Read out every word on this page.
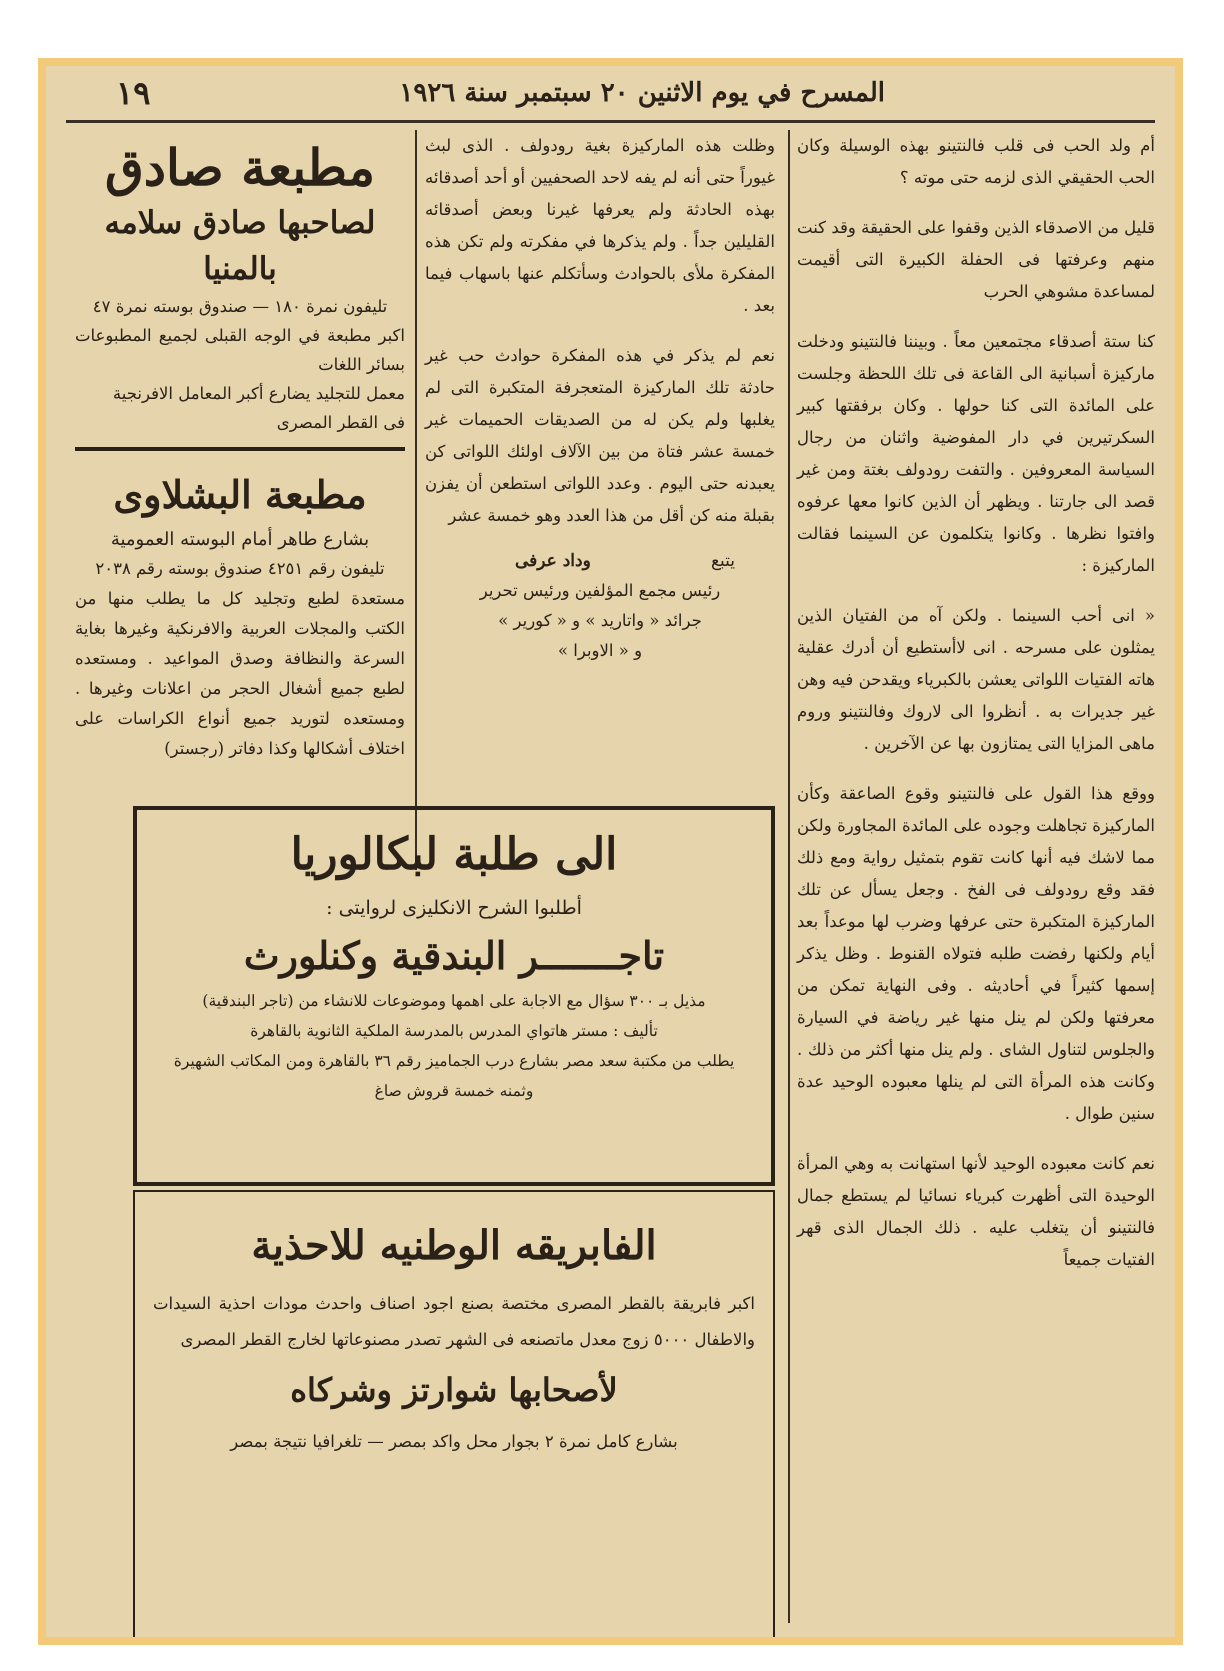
المسرح في يوم الاثنين ٢٠ سبتمبر سنة ١٩٢٦
١٩

أم ولد الحب فى قلب فالنتينو بهذه الوسيلة وكان الحب الحقيقي الذى لزمه حتى موته ؟

قليل من الاصدقاء الذين وقفوا على الحقيقة وقد كنت منهم وعرفتها فى الحفلة الكبيرة التى أقيمت لمساعدة مشوهي الحرب

كنا ستة أصدقاء مجتمعين معاً . وبيننا فالنتينو ودخلت ماركيزة أسبانية الى القاعة فى تلك اللحظة وجلست على المائدة التى كنا حولها . وكان برفقتها كبير السكرتيرين في دار المفوضية واثنان من رجال السياسة المعروفين . والتفت رودولف بغتة ومن غير قصد الى جارتنا . ويظهر أن الذين كانوا معها عرفوه وافتوا نظرها . وكانوا يتكلمون عن السينما فقالت الماركيزة :

« انى أحب السينما . ولكن آه من الفتيان الذين يمثلون على مسرحه . انى لاأستطيع أن أدرك عقلية هاته الفتيات اللواتى يعشن بالكبرياء ويقدحن فيه وهن غير جديرات به . أنظروا الى لاروك وفالنتينو وروم ماهى المزايا التى يمتازون بها عن الآخرين .

ووقع هذا القول على فالنتينو وقوع الصاعقة وكأن الماركيزة تجاهلت وجوده على المائدة المجاورة ولكن مما لاشك فيه أنها كانت تقوم بتمثيل رواية ومع ذلك فقد وقع رودولف فى الفخ . وجعل يسأل عن تلك الماركيزة المتكبرة حتى عرفها وضرب لها موعداً بعد أيام ولكنها رفضت طلبه فتولاه القنوط . وظل يذكر إسمها كثيراً في أحاديثه . وفى النهاية تمكن من معرفتها ولكن لم ينل منها غير رياضة في السيارة والجلوس لتناول الشاى . ولم ينل منها أكثر من ذلك . وكانت هذه المرأة التى لم ينلها معبوده الوحيد عدة سنين طوال .

نعم كانت معبوده الوحيد لأنها استهانت به وهي المرأة الوحيدة التى أظهرت كبرياء نسائيا لم يستطع جمال فالنتينو أن يتغلب عليه . ذلك الجمال الذى قهر الفتيات جميعاً

وظلت هذه الماركيزة بغية رودولف . الذى لبث غيوراً حتى أنه لم يفه لاحد الصحفيين أو أحد أصدقائه بهذه الحادثة ولم يعرفها غيرنا وبعض أصدقائه القليلين جداً . ولم يذكرها في مفكرته ولم تكن هذه المفكرة ملأى بالحوادث وسأتكلم عنها باسهاب فيما بعد .

نعم لم يذكر في هذه المفكرة حوادث حب غير حادثة تلك الماركيزة المتعجرفة المتكبرة التى لم يغلبها ولم يكن له من الصديقات الحميمات غير خمسة عشر فتاة من بين الآلاف اولئك اللواتى كن يعبدنه حتى اليوم . وعدد اللواتى استطعن أن يفزن بقبلة منه كن أقل من هذا العدد وهو خمسة عشر

يتبع
وداد عرفى
رئيس مجمع المؤلفين ورئيس تحرير
جرائد « واتاريد » و « كورير »
و « الاوبرا »
مطبعة صادق
لصاحبها صادق سلامه بالمنيا
تليفون نمرة ١٨٠ — صندوق بوسته نمرة ٤٧
اكبر مطبعة في الوجه القبلى لجميع المطبوعات بسائر اللغات
معمل للتجليد يضارع أكبر المعامل الافرنجية
فى القطر المصرى
مطبعة البشلاوى
بشارع طاهر أمام البوسته العمومية
تليفون رقم ٤٢٥١ صندوق بوسته رقم ٢٠٣٨
مستعدة لطبع وتجليد كل ما يطلب منها من الكتب والمجلات العربية والافرنكية وغيرها بغاية السرعة والنظافة وصدق المواعيد . ومستعده لطبع جميع أشغال الحجر من اعلانات وغيرها . ومستعده لتوريد جميع أنواع الكراسات على اختلاف أشكالها وكذا دفاتر (رجستر)
الى طلبة لبكالوريا
أطلبوا الشرح الانكليزى لروايتى :
تاجـــــــر البندقية وكنلورث
مذيل بـ ٣٠٠ سؤال مع الاجابة على اهمها وموضوعات للانشاء من (تاجر البندقية)
تأليف : مستر هاتواي المدرس بالمدرسة الملكية الثانوية بالقاهرة
يطلب من مكتبة سعد مصر بشارع درب الجماميز رقم ٣٦ بالقاهرة ومن المكاتب الشهيرة
وثمنه خمسة قروش صاغ
الفابريقه الوطنيه للاحذية
اكبر فابريقة بالقطر المصرى مختصة بصنع اجود اصناف واحدث مودات احذية السيدات والاطفال ٥٠٠٠ زوج معدل ماتصنعه فى الشهر تصدر مصنوعاتها لخارج القطر المصرى
لأصحابها شوارتز وشركاه
بشارع كامل نمرة ٢ بجوار محل واكد بمصر — تلغرافيا نتيجة بمصر
